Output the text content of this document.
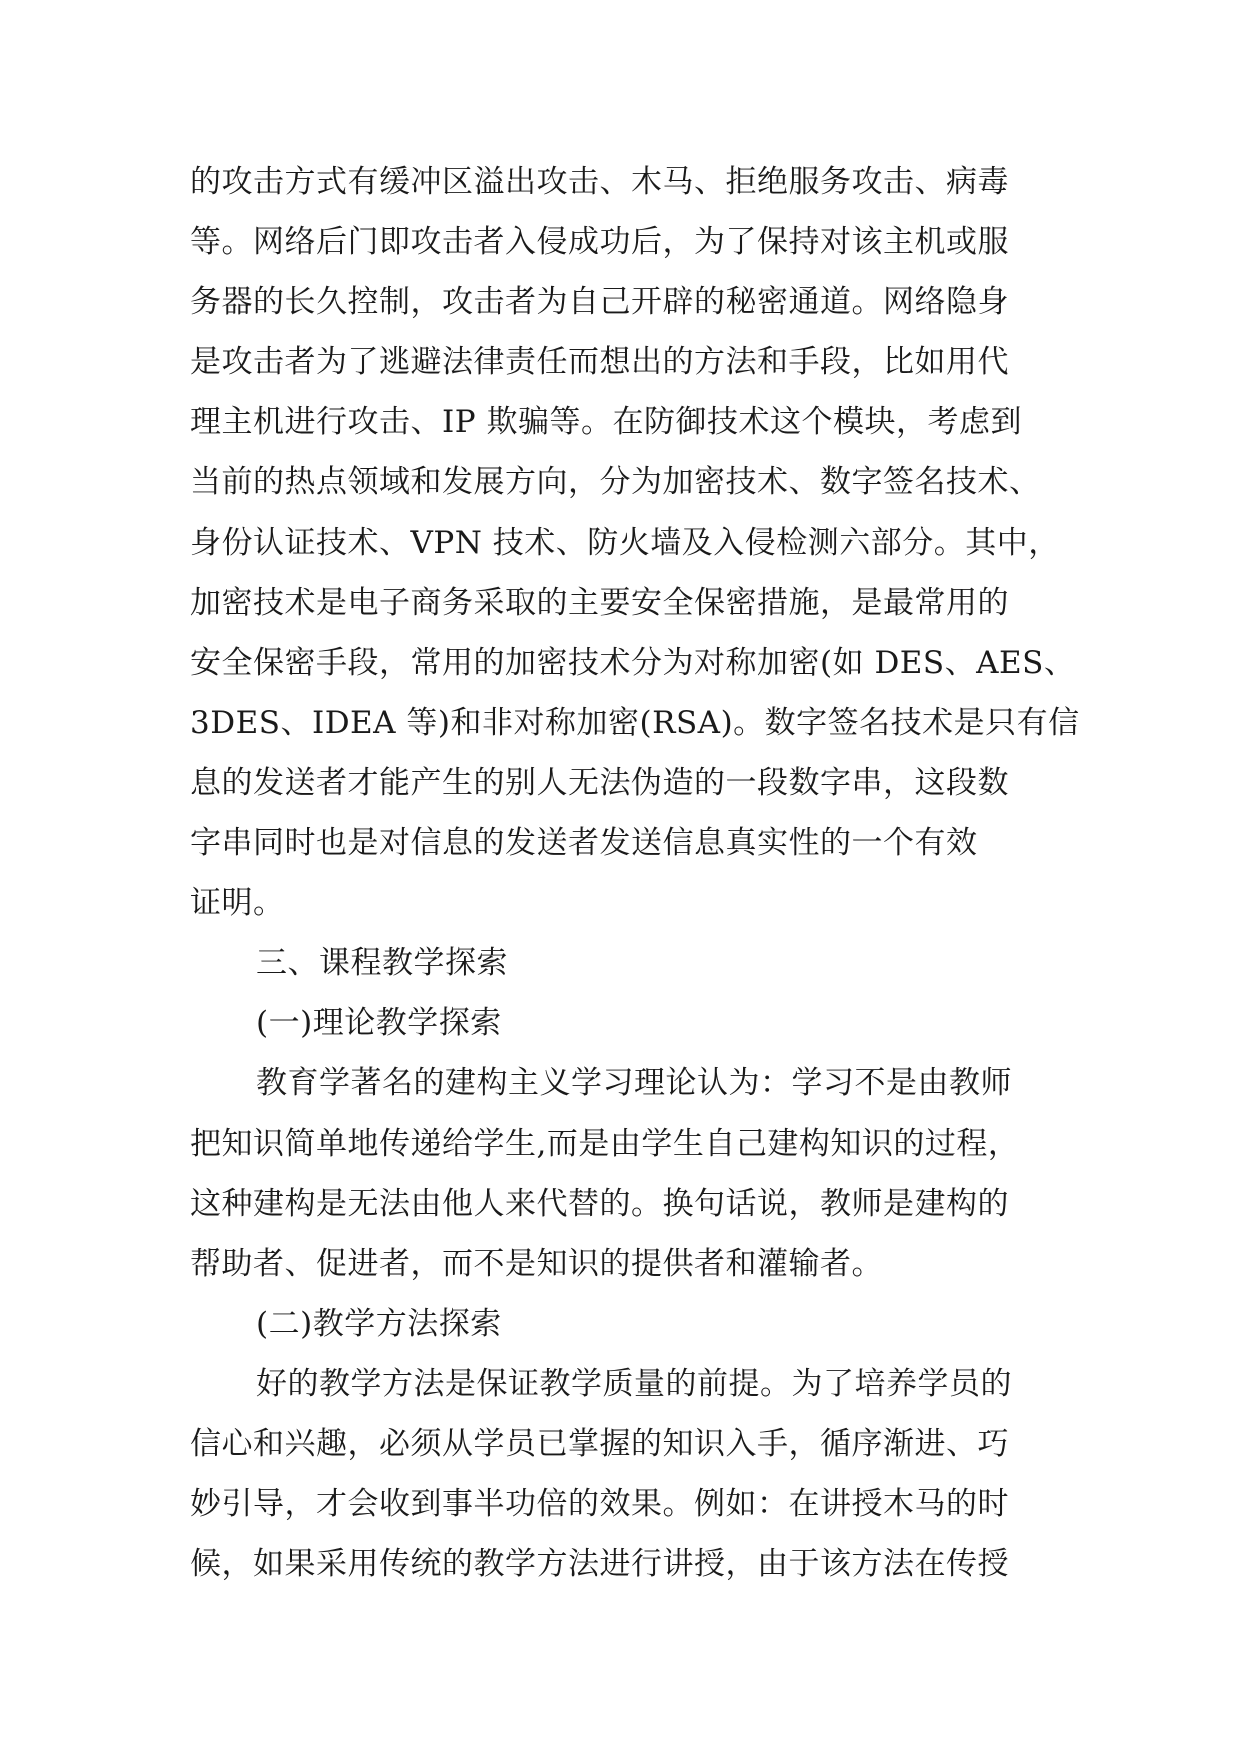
的攻击方式有缓冲区溢出攻击、木马、拒绝服务攻击、病毒
等。网络后门即攻击者入侵成功后，为了保持对该主机或服
务器的长久控制，攻击者为自己开辟的秘密通道。网络隐身
是攻击者为了逃避法律责任而想出的方法和手段，比如用代
理主机进行攻击、IP 欺骗等。在防御技术这个模块，考虑到
当前的热点领域和发展方向，分为加密技术、数字签名技术、
身份认证技术、VPN 技术、防火墙及入侵检测六部分。其中，
加密技术是电子商务采取的主要安全保密措施，是最常用的
安全保密手段，常用的加密技术分为对称加密(如 DES、AES、
3DES、IDEA 等)和非对称加密(RSA)。数字签名技术是只有信
息的发送者才能产生的别人无法伪造的一段数字串，这段数
字串同时也是对信息的发送者发送信息真实性的一个有效
证明。
三、课程教学探索
(一)理论教学探索
教育学著名的建构主义学习理论认为：学习不是由教师
把知识简单地传递给学生,而是由学生自己建构知识的过程，
这种建构是无法由他人来代替的。换句话说，教师是建构的
帮助者、促进者，而不是知识的提供者和灌输者。
(二)教学方法探索
好的教学方法是保证教学质量的前提。为了培养学员的
信心和兴趣，必须从学员已掌握的知识入手，循序渐进、巧
妙引导，才会收到事半功倍的效果。例如：在讲授木马的时
候，如果采用传统的教学方法进行讲授，由于该方法在传授
